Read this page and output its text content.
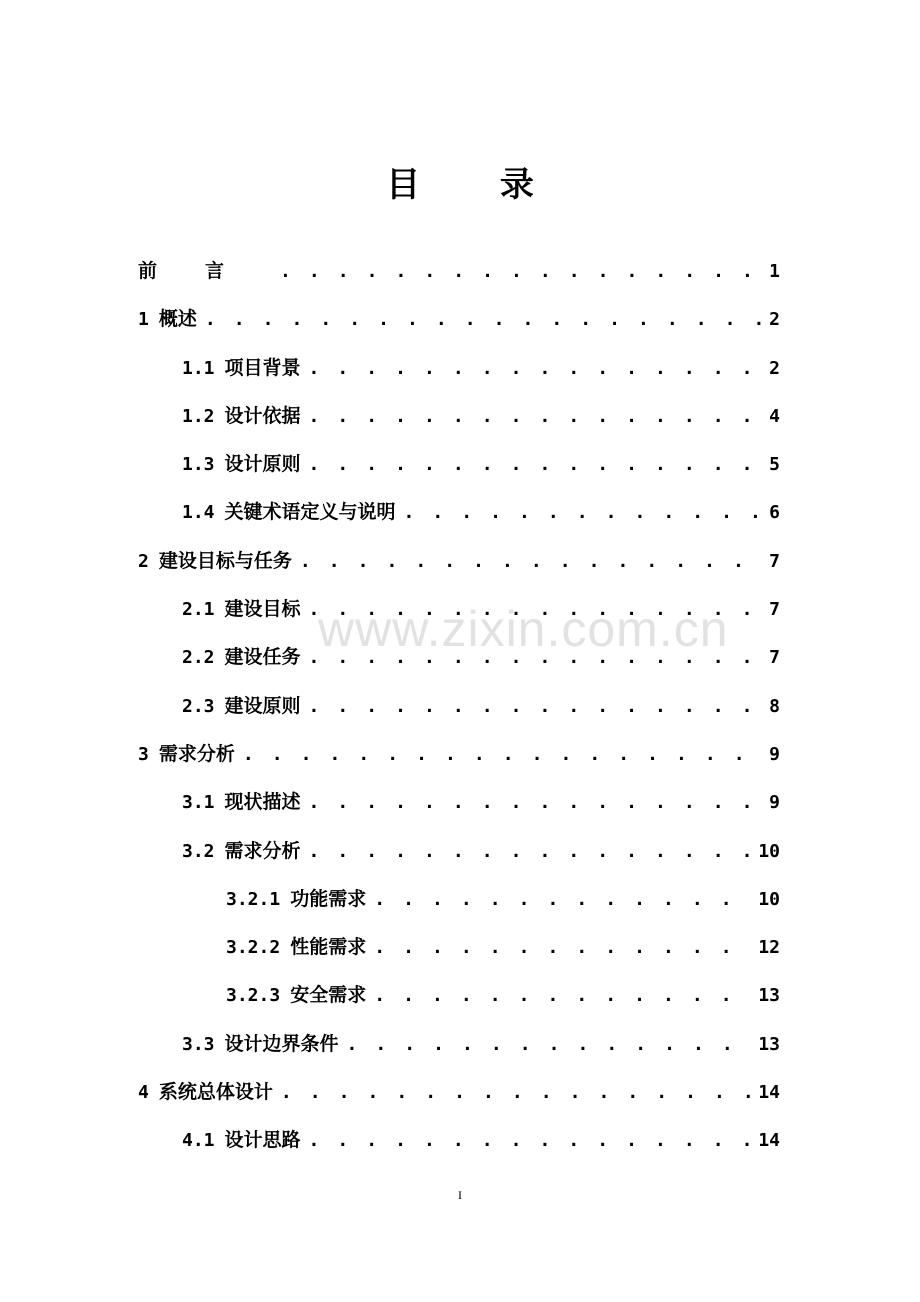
目 录
前言 . . .	1
1 概述 . . .	2
1.1 项目背景 . . .	2
1.2 设计依据 . . .	4
1.3 设计原则 . . .	5
1.4 关键术语定义与说明 . . .	6
2 建设目标与任务 . . .	7
2.1 建设目标 . . .	7
2.2 建设任务 . . .	7
2.3 建设原则 . . .	8
3 需求分析 . . .	9
3.1 现状描述 . . .	9
3.2 需求分析 . . .	10
3.2.1 功能需求 . . .	10
3.2.2 性能需求 . . .	12
3.2.3 安全需求 . . .	13
3.3 设计边界条件 . . .	13
4 系统总体设计 . . .	14
4.1 设计思路 . . .	14
www.zixin.com.cn
I
